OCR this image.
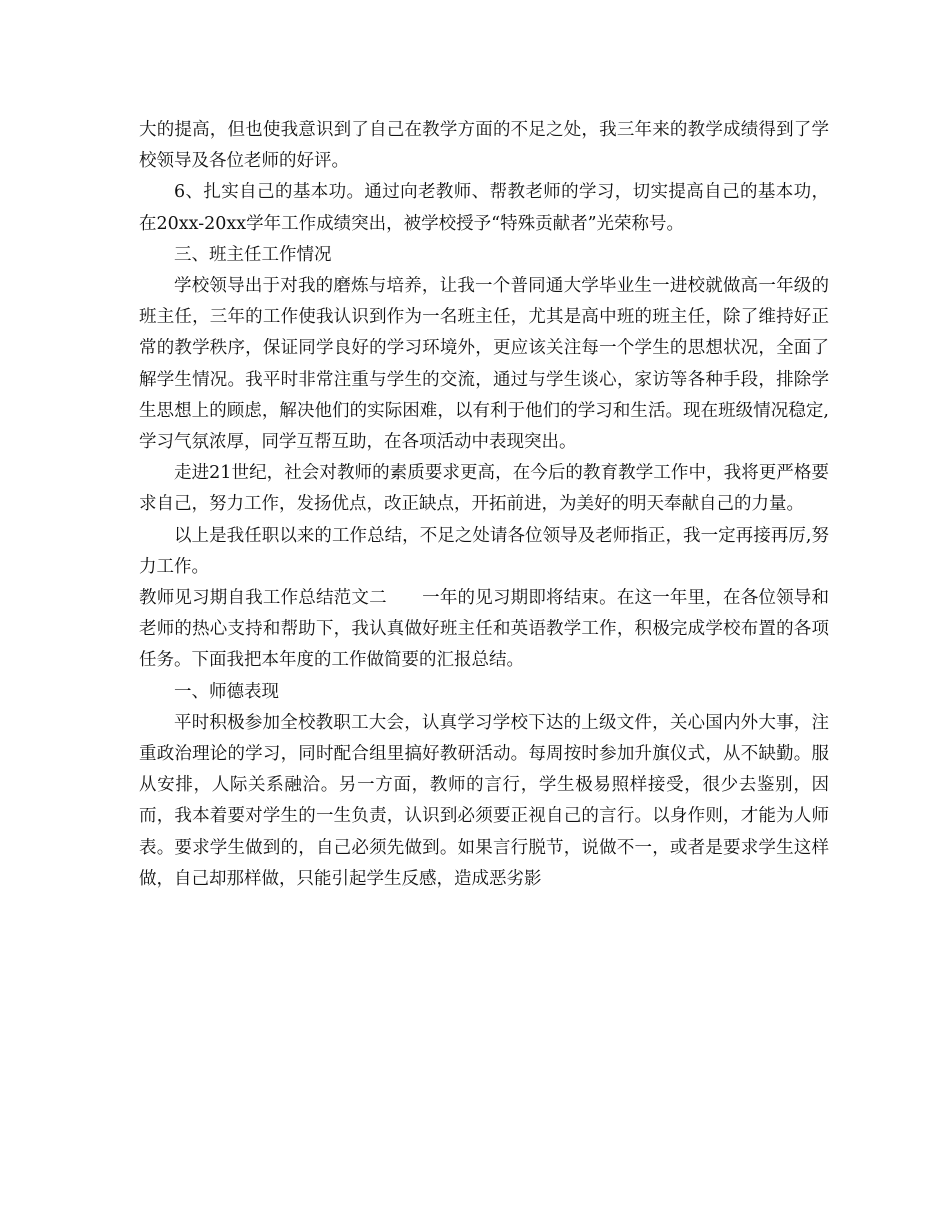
大的提高，但也使我意识到了自己在教学方面的不足之处，我三年来的教学成绩得到了学校领导及各位老师的好评。

6、扎实自己的基本功。通过向老教师、帮教老师的学习，切实提高自己的基本功，在20xx-20xx学年工作成绩突出，被学校授予“特殊贡献者”光荣称号。

三、班主任工作情况

学校领导出于对我的磨炼与培养，让我一个普同通大学毕业生一进校就做高一年级的班主任，三年的工作使我认识到作为一名班主任，尤其是高中班的班主任，除了维持好正常的教学秩序，保证同学良好的学习环境外，更应该关注每一个学生的思想状况，全面了解学生情况。我平时非常注重与学生的交流，通过与学生谈心，家访等各种手段，排除学生思想上的顾虑，解决他们的实际困难，以有利于他们的学习和生活。现在班级情况稳定,学习气氛浓厚，同学互帮互助，在各项活动中表现突出。

走进21世纪，社会对教师的素质要求更高，在今后的教育教学工作中，我将更严格要求自己，努力工作，发扬优点，改正缺点，开拓前进，为美好的明天奉献自己的力量。

以上是我任职以来的工作总结，不足之处请各位领导及老师指正，我一定再接再厉,努力工作。

教师见习期自我工作总结范文二　　一年的见习期即将结束。在这一年里，在各位领导和老师的热心支持和帮助下，我认真做好班主任和英语教学工作，积极完成学校布置的各项任务。下面我把本年度的工作做简要的汇报总结。

一、师德表现

平时积极参加全校教职工大会，认真学习学校下达的上级文件，关心国内外大事，注重政治理论的学习，同时配合组里搞好教研活动。每周按时参加升旗仪式，从不缺勤。服从安排，人际关系融洽。另一方面，教师的言行，学生极易照样接受，很少去鉴别，因而，我本着要对学生的一生负责，认识到必须要正视自己的言行。以身作则，才能为人师表。要求学生做到的，自己必须先做到。如果言行脱节，说做不一，或者是要求学生这样做，自己却那样做，只能引起学生反感，造成恶劣影
